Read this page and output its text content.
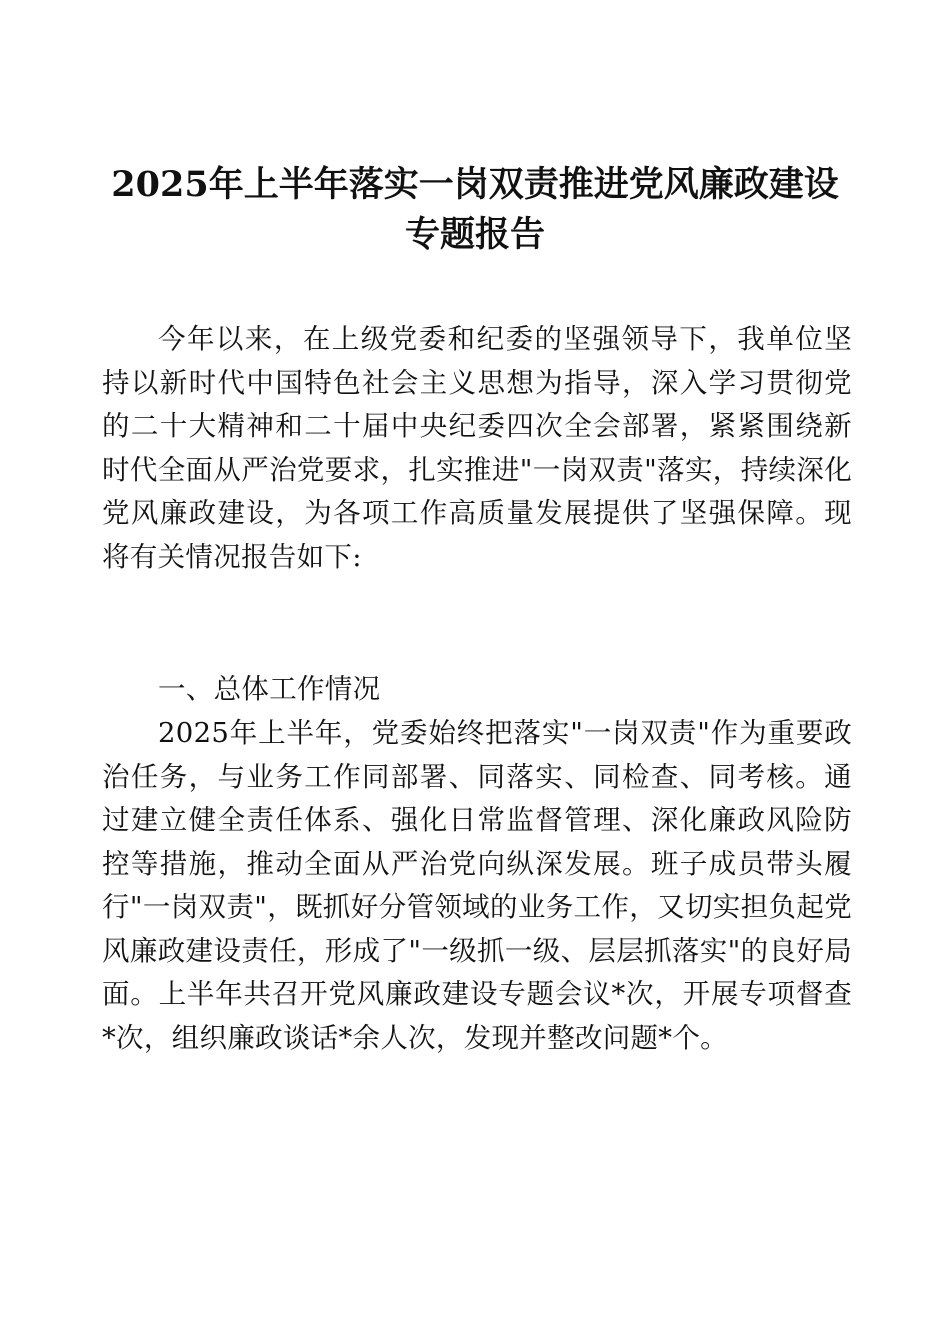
2025年上半年落实一岗双责推进党风廉政建设专题报告

今年以来，在上级党委和纪委的坚强领导下，我单位坚持以新时代中国特色社会主义思想为指导，深入学习贯彻党的二十大精神和二十届中央纪委四次全会部署，紧紧围绕新时代全面从严治党要求，扎实推进"一岗双责"落实，持续深化党风廉政建设，为各项工作高质量发展提供了坚强保障。现将有关情况报告如下:

一、总体工作情况

2025年上半年，党委始终把落实"一岗双责"作为重要政治任务，与业务工作同部署、同落实、同检查、同考核。通过建立健全责任体系、强化日常监督管理、深化廉政风险防控等措施，推动全面从严治党向纵深发展。班子成员带头履行"一岗双责"，既抓好分管领域的业务工作，又切实担负起党风廉政建设责任，形成了"一级抓一级、层层抓落实"的良好局面。上半年共召开党风廉政建设专题会议*次，开展专项督查*次，组织廉政谈话*余人次，发现并整改问题*个。
